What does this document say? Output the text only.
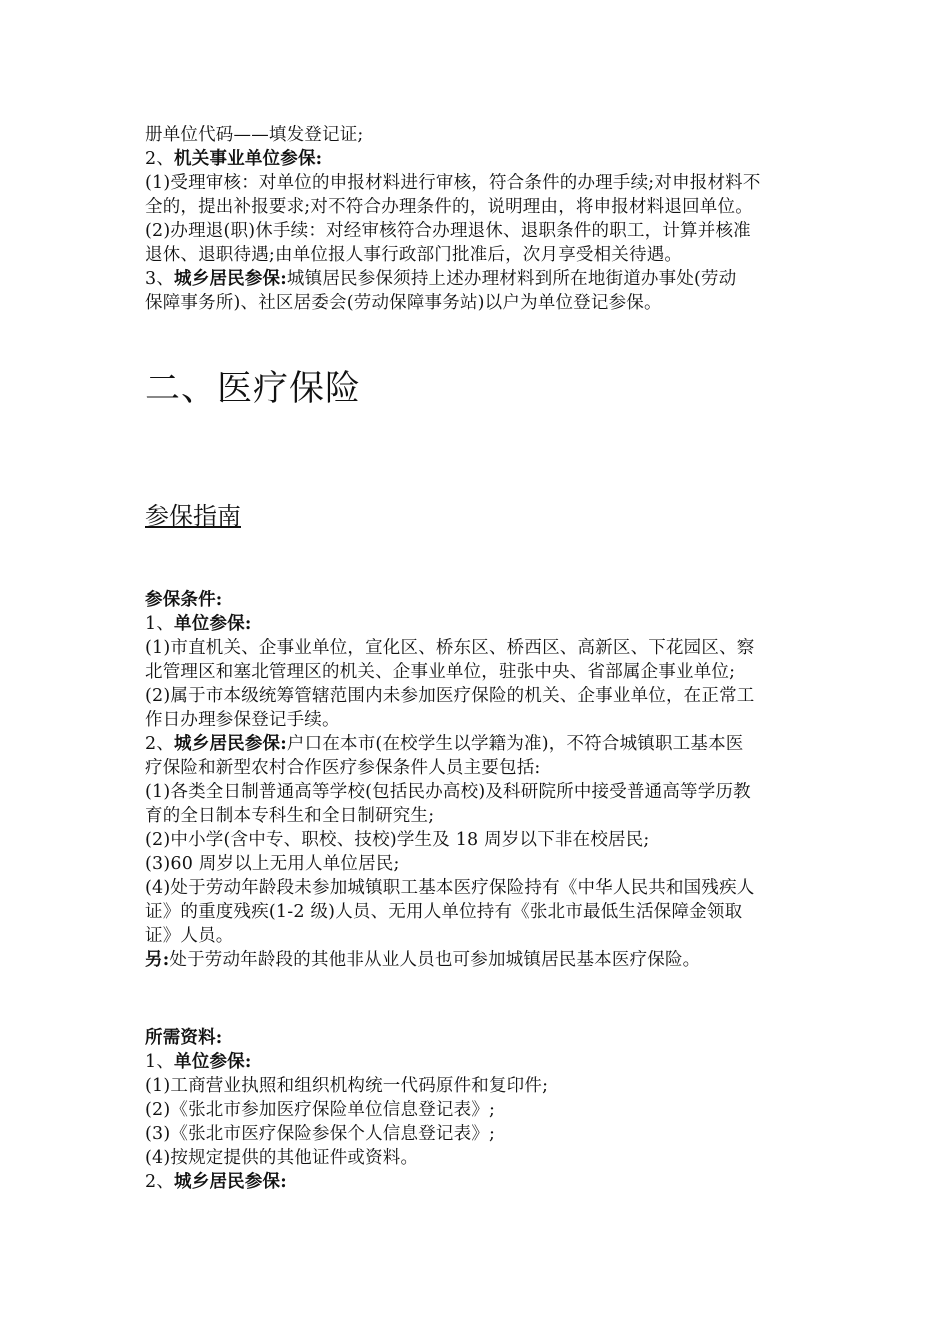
册单位代码——填发登记证;
2、机关事业单位参保:
(1)受理审核：对单位的申报材料进行审核，符合条件的办理手续;对申报材料不
全的，提出补报要求;对不符合办理条件的，说明理由，将申报材料退回单位。
(2)办理退(职)休手续：对经审核符合办理退休、退职条件的职工，计算并核准
退休、退职待遇;由单位报人事行政部门批准后，次月享受相关待遇。
3、城乡居民参保:城镇居民参保须持上述办理材料到所在地街道办事处(劳动
保障事务所)、社区居委会(劳动保障事务站)以户为单位登记参保。
二、医疗保险
参保指南
参保条件:
1、单位参保:
(1)市直机关、企事业单位，宣化区、桥东区、桥西区、高新区、下花园区、察
北管理区和塞北管理区的机关、企事业单位，驻张中央、省部属企事业单位;
(2)属于市本级统筹管辖范围内未参加医疗保险的机关、企事业单位，在正常工
作日办理参保登记手续。
2、城乡居民参保:户口在本市(在校学生以学籍为准)，不符合城镇职工基本医
疗保险和新型农村合作医疗参保条件人员主要包括:
(1)各类全日制普通高等学校(包括民办高校)及科研院所中接受普通高等学历教
育的全日制本专科生和全日制研究生;
(2)中小学(含中专、职校、技校)学生及 18 周岁以下非在校居民;
(3)60 周岁以上无用人单位居民;
(4)处于劳动年龄段未参加城镇职工基本医疗保险持有《中华人民共和国残疾人
证》的重度残疾(1-2 级)人员、无用人单位持有《张北市最低生活保障金领取
证》人员。
另:处于劳动年龄段的其他非从业人员也可参加城镇居民基本医疗保险。
所需资料:
1、单位参保:
(1)工商营业执照和组织机构统一代码原件和复印件;
(2)《张北市参加医疗保险单位信息登记表》;
(3)《张北市医疗保险参保个人信息登记表》;
(4)按规定提供的其他证件或资料。
2、城乡居民参保:
